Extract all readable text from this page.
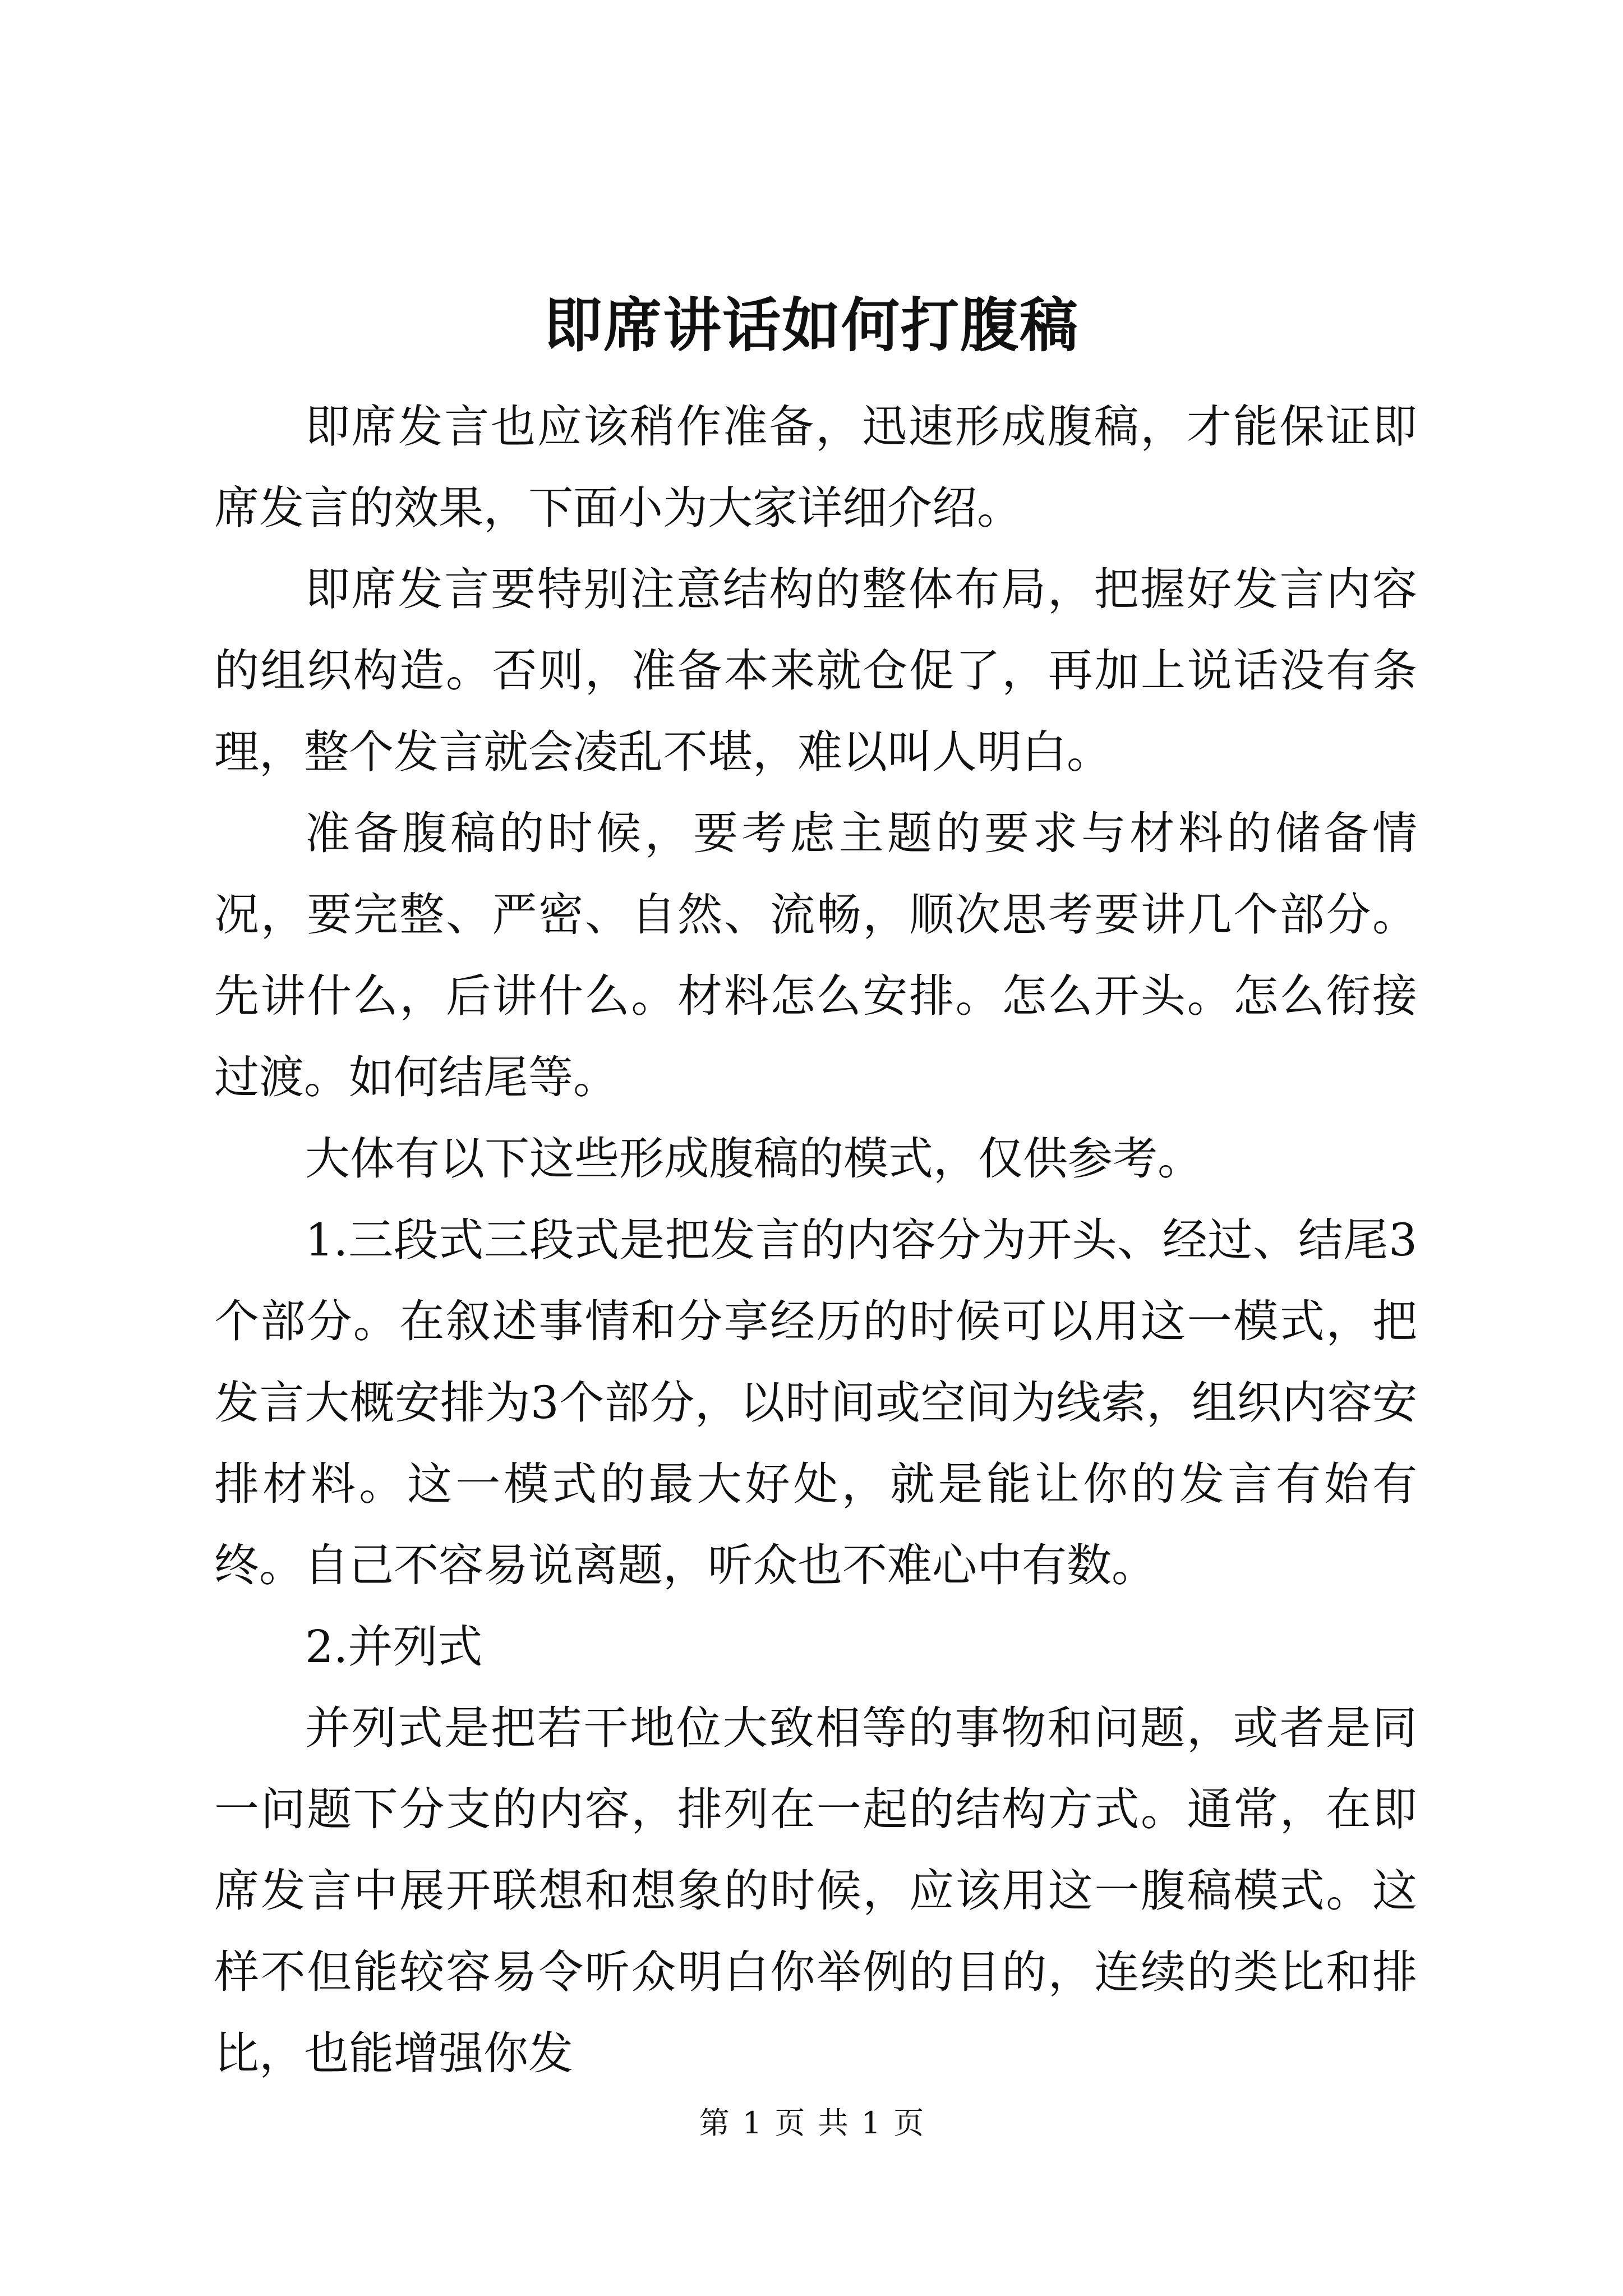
即席讲话如何打腹稿

即席发言也应该稍作准备，迅速形成腹稿，才能保证即席发言的效果，下面小为大家详细介绍。

即席发言要特别注意结构的整体布局，把握好发言内容的组织构造。否则，准备本来就仓促了，再加上说话没有条理，整个发言就会凌乱不堪，难以叫人明白。

准备腹稿的时候，要考虑主题的要求与材料的储备情况，要完整、严密、自然、流畅，顺次思考要讲几个部分。先讲什么，后讲什么。材料怎么安排。怎么开头。怎么衔接过渡。如何结尾等。

大体有以下这些形成腹稿的模式，仅供参考。

1.三段式三段式是把发言的内容分为开头、经过、结尾3个部分。在叙述事情和分享经历的时候可以用这一模式，把发言大概安排为3个部分，以时间或空间为线索，组织内容安排材料。这一模式的最大好处，就是能让你的发言有始有终。自己不容易说离题，听众也不难心中有数。

2.并列式

并列式是把若干地位大致相等的事物和问题，或者是同一问题下分支的内容，排列在一起的结构方式。通常，在即席发言中展开联想和想象的时候，应该用这一腹稿模式。这样不但能较容易令听众明白你举例的目的，连续的类比和排比，也能增强你发

第 1 页 共 1 页
